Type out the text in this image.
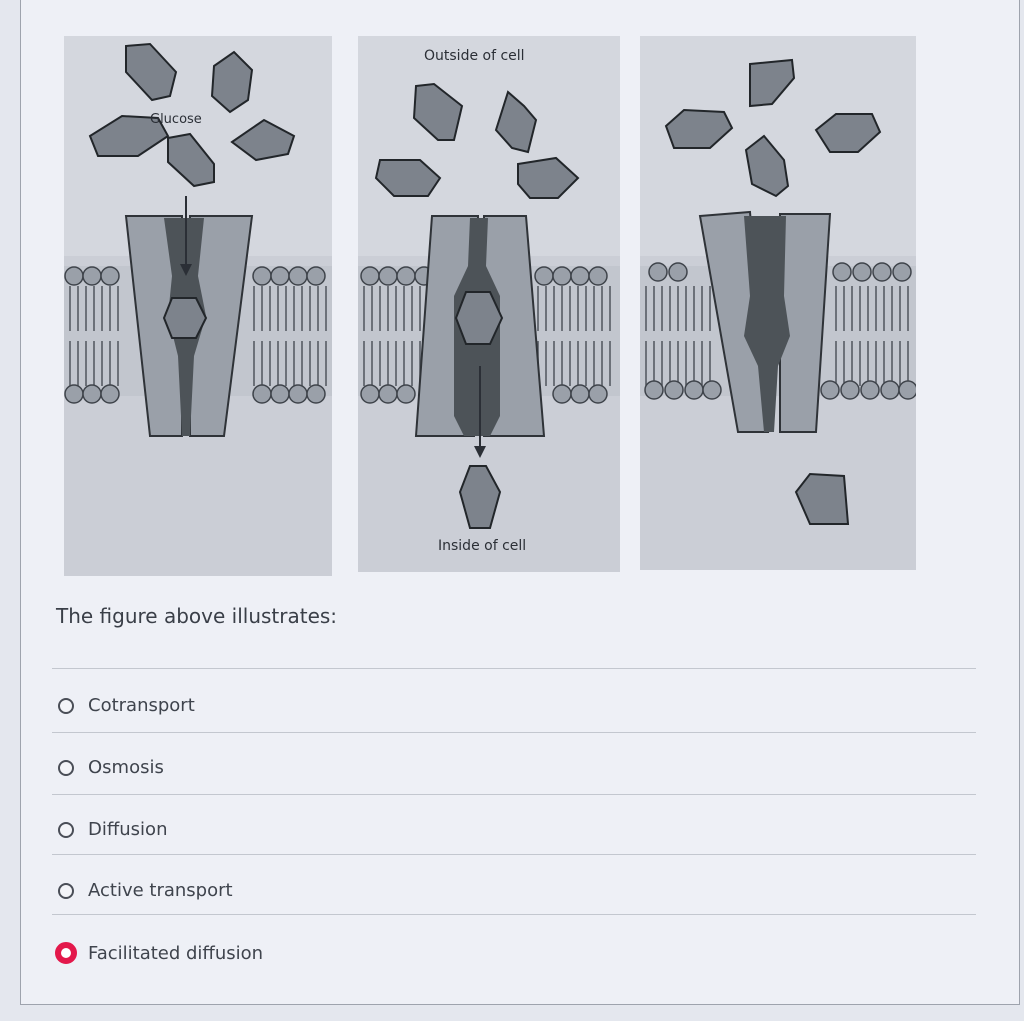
Glucose
Outside of cell
Inside of cell
The figure above illustrates:
Cotransport
Osmosis
Diffusion
Active transport
Facilitated diffusion
